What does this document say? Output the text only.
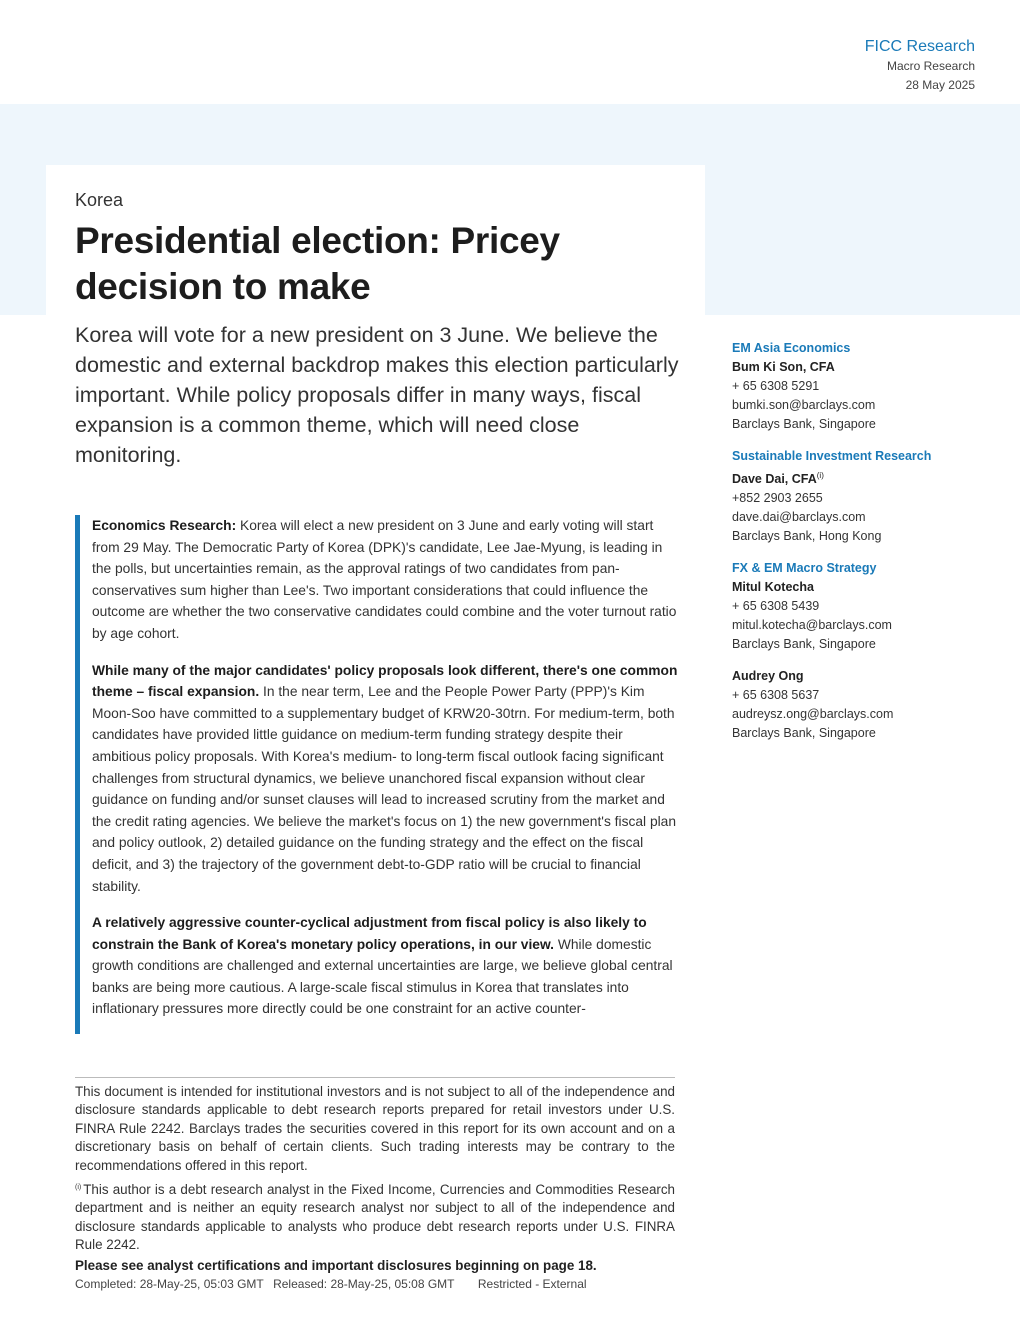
FICC Research
Macro Research
28 May 2025
Korea
Presidential election: Pricey decision to make

Korea will vote for a new president on 3 June. We believe the domestic and external backdrop makes this election particularly important. While policy proposals differ in many ways, fiscal expansion is a common theme, which will need close monitoring.

EM Asia Economics
Bum Ki Son, CFA
+ 65 6308 5291
bumki.son@barclays.com
Barclays Bank, Singapore
Sustainable Investment Research
Dave Dai, $CFA^{(i)}$
+852 2903 2655
dave.dai@barclays.com
Barclays Bank, Hong Kong
FX & EM Macro Strategy
Mitul Kotecha
+ 65 6308 5439
mitul.kotecha@barclays.com
Barclays Bank, Singapore
Audrey Ong
+ 65 6308 5637
audreysz.ong@barclays.com
Barclays Bank, Singapore

Economics Research: Korea will elect a new president on 3 June and early voting will start from 29 May. The Democratic Party of Korea (DPK)'s candidate, Lee Jae-Myung, is leading in the polls, but uncertainties remain, as the approval ratings of two candidates from pan-conservatives sum higher than Lee's. Two important considerations that could influence the outcome are whether the two conservative candidates could combine and the voter turnout ratio by age cohort.

While many of the major candidates' policy proposals look different, there's one common theme – fiscal expansion. In the near term, Lee and the People Power Party (PPP)'s Kim Moon-Soo have committed to a supplementary budget of KRW20-30trn. For medium-term, both candidates have provided little guidance on medium-term funding strategy despite their ambitious policy proposals. With Korea's medium- to long-term fiscal outlook facing significant challenges from structural dynamics, we believe unanchored fiscal expansion without clear guidance on funding and/or sunset clauses will lead to increased scrutiny from the market and the credit rating agencies. We believe the market's focus on 1) the new government's fiscal plan and policy outlook, 2) detailed guidance on the funding strategy and the effect on the fiscal deficit, and 3) the trajectory of the government debt-to-GDP ratio will be crucial to financial stability.

A relatively aggressive counter-cyclical adjustment from fiscal policy is also likely to constrain the Bank of Korea's monetary policy operations, in our view. While domestic growth conditions are challenged and external uncertainties are large, we believe global central banks are being more cautious. A large-scale fiscal stimulus in Korea that translates into inflationary pressures more directly could be one constraint for an active counter-

This document is intended for institutional investors and is not subject to all of the independence and disclosure standards applicable to debt research reports prepared for retail investors under U.S. FINRA Rule 2242. Barclays trades the securities covered in this report for its own account and on a discretionary basis on behalf of certain clients. Such trading interests may be contrary to the recommendations offered in this report.

$^{(i)}$ This author is a debt research analyst in the Fixed Income, Currencies and Commodities Research department and is neither an equity research analyst nor subject to all of the independence and disclosure standards applicable to analysts who produce debt research reports under U.S. FINRA Rule 2242.

Please see analyst certifications and important disclosures beginning on page 18.
Completed: 28-May-25, 05:03 GMT Released: 28-May-25, 05:08 GMT Restricted - External
